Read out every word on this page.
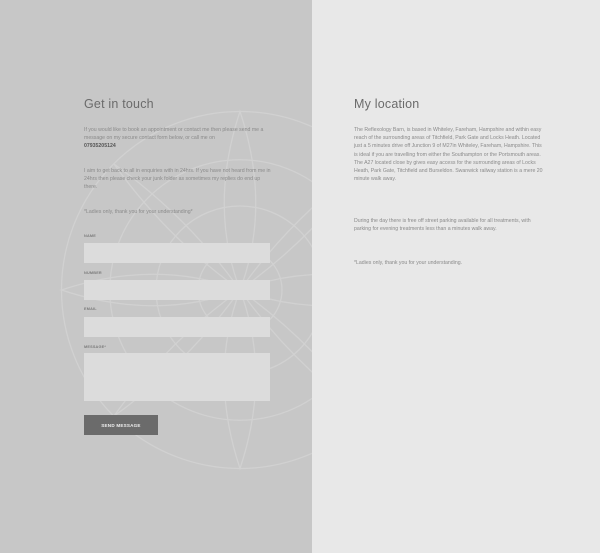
Get in touch
If you would like to book an appointment or contact me then please send me a message on my secure contact form below, or call me on
07935205124
I aim to get back to all in enquiries with in 24hrs. If you have not heard from me in 24hrs then please check your junk folder as sometimes my replies do end up there.
*Ladies only, thank you for your understanding*
NAME
NUMBER
EMAIL
MESSAGE*
SEND MESSAGE
My location
The Reflexology Barn, is based in Whiteley, Fareham, Hampshire and within easy reach of the surrounding areas of Titchfield, Park Gate and Locks Heath. Located just a 5 minutes drive off Junction 9 of M27in Whiteley, Fareham, Hampshire. This is ideal if you are travelling from either the Southampton or the Portsmouth areas. The A27 located close by gives easy access for the surrounding areas of Locks Heath, Park Gate, Titchfield and Burseldon. Swanwick railway station is a mere 20 minute walk away.
During the day there is free off street parking available for all treatments, with parking for evening treatments less than a minutes walk away.
*Ladies only, thank you for your understanding.
